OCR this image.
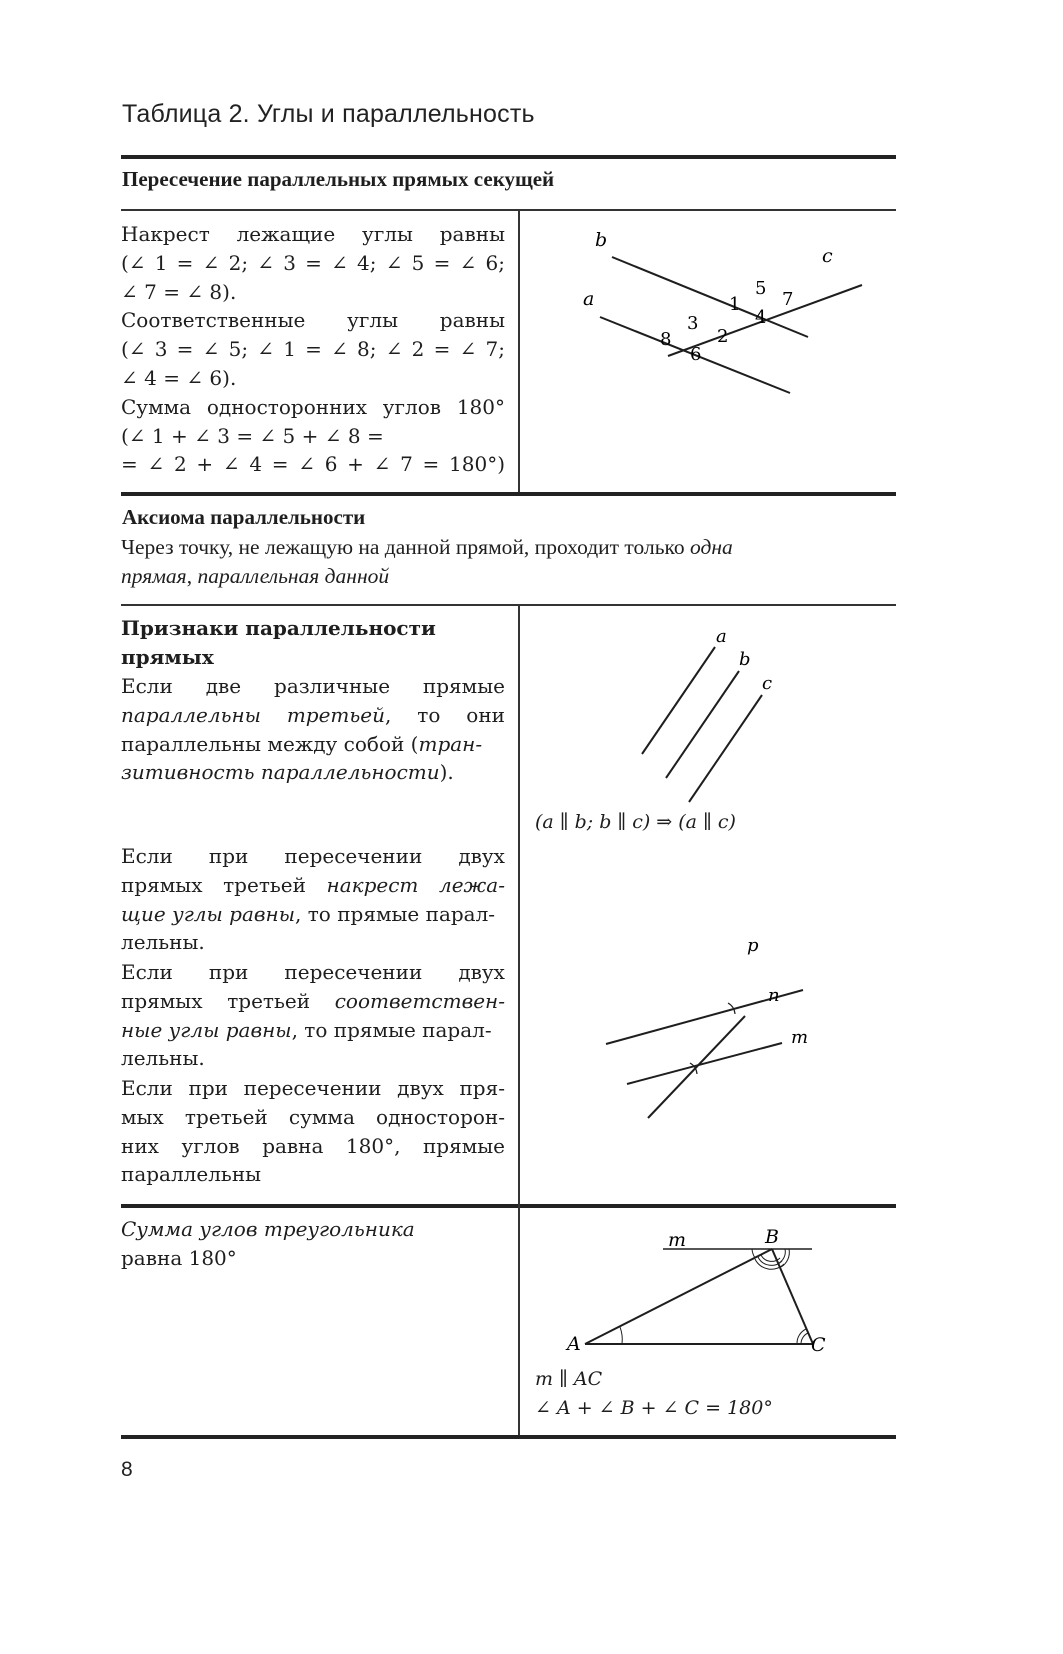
Таблица 2. Углы и параллельность
Пересечение параллельных прямых секущей
Накрест лежащие углы равны
(∠ 1 = ∠ 2; ∠ 3 = ∠ 4; ∠ 5 = ∠ 6;
∠ 7 = ∠ 8).
Соответственные углы равны
(∠ 3 = ∠ 5; ∠ 1 = ∠ 8; ∠ 2 = ∠ 7;
∠ 4 = ∠ 6).
Сумма односторонних углов 180°
(∠ 1 + ∠ 3 = ∠ 5 + ∠ 8 =
= ∠ 2 + ∠ 4 = ∠ 6 + ∠ 7 = 180°)
b
a
c
1
2
3	4
5
6
7
8
Аксиома параллельности
Через точку, не лежащую на данной прямой, проходит только одна
прямая, параллельная данной
Признаки параллельности
прямых
Если две различные прямые
параллельны третьей, то они
параллельны между собой (тран-
зитивность параллельности).
a
b
c
(a ∥ b; b ∥ c) ⇒ (a ∥ c)
Если при пересечении двух
прямых третьей накрест лежа-
щие углы равны, то прямые парал-
лельны.
Если при пересечении двух
прямых третьей соответствен-
ные углы равны, то прямые парал-
лельны.
Если при пересечении двух пря-
мых третьей сумма односторон-
них углов равна 180°, прямые
параллельны
p
n
m
Сумма углов треугольника
равна 180°
m
A
B
C
m ∥ AC
∠ A + ∠ B + ∠ C = 180°
8
